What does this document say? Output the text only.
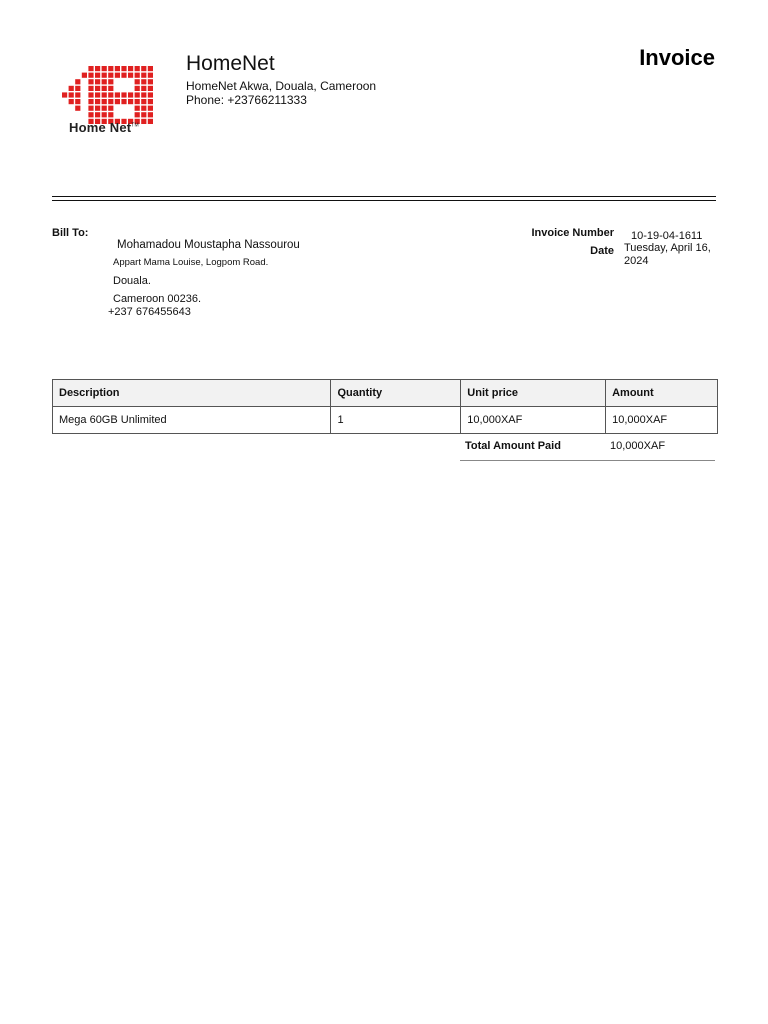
Home Net™
HomeNet
HomeNet Akwa, Douala, Cameroon
Phone: +23766211333
Invoice
Bill To:
Mohamadou Moustapha Nassourou
Appart Mama Louise, Logpom Road.
Douala.
Cameroon 00236.
+237 676455643
Invoice Number 10-19-04-1611
Date Tuesday, April 16, 2024
Description	Quantity	Unit price	Amount
Mega 60GB Unlimited	1	10,000XAF	10,000XAF
Total Amount Paid	10,000XAF
